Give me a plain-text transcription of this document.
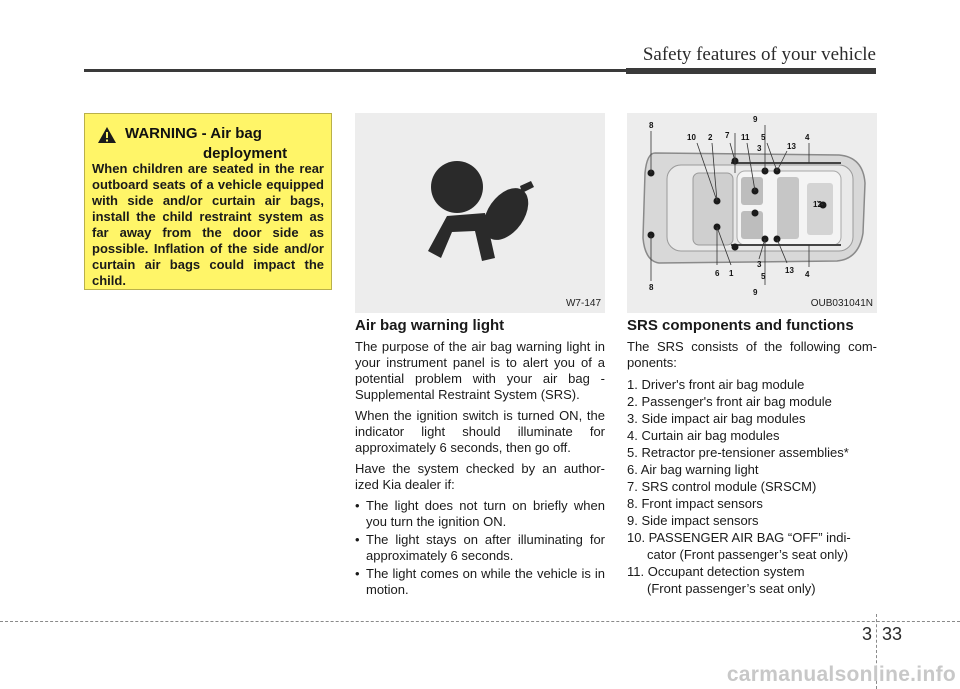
Safety features of your vehicle
WARNING - Air bag
deployment
When children are seated in the rear outboard seats of a vehicle equipped with side and/or curtain air bags, install the child restraint system as far away from the door side as possible. Inflation of the side and/or curtain air bags could impact the child.
W7-147
9
8
10 2 7 11 5
3	13
4
12
3
6 1	5
13 4
8
9
OUB031041N
Air bag warning light

The purpose of the air bag warning light in your instrument panel is to alert you of a potential problem with your air bag - Supplemental Restraint System (SRS).

When the ignition switch is turned ON, the indicator light should illuminate for approximately 6 seconds, then go off.

Have the system checked by an author-ized Kia dealer if:

• The light does not turn on briefly when you turn the ignition ON.
• The light stays on after illuminating for approximately 6 seconds.
• The light comes on while the vehicle is in motion.
SRS components and functions

The SRS consists of the following com-ponents:

1. Driver's front air bag module
2. Passenger's front air bag module
3. Side impact air bag modules
4. Curtain air bag modules
5. Retractor pre-tensioner assemblies*
6. Air bag warning light
7. SRS control module (SRSCM)
8. Front impact sensors
9. Side impact sensors
10. PASSENGER AIR BAG “OFF” indi-
cator (Front passenger’s seat only)
11. Occupant detection system
(Front passenger’s seat only)
3 33
carmanualsonline.info
